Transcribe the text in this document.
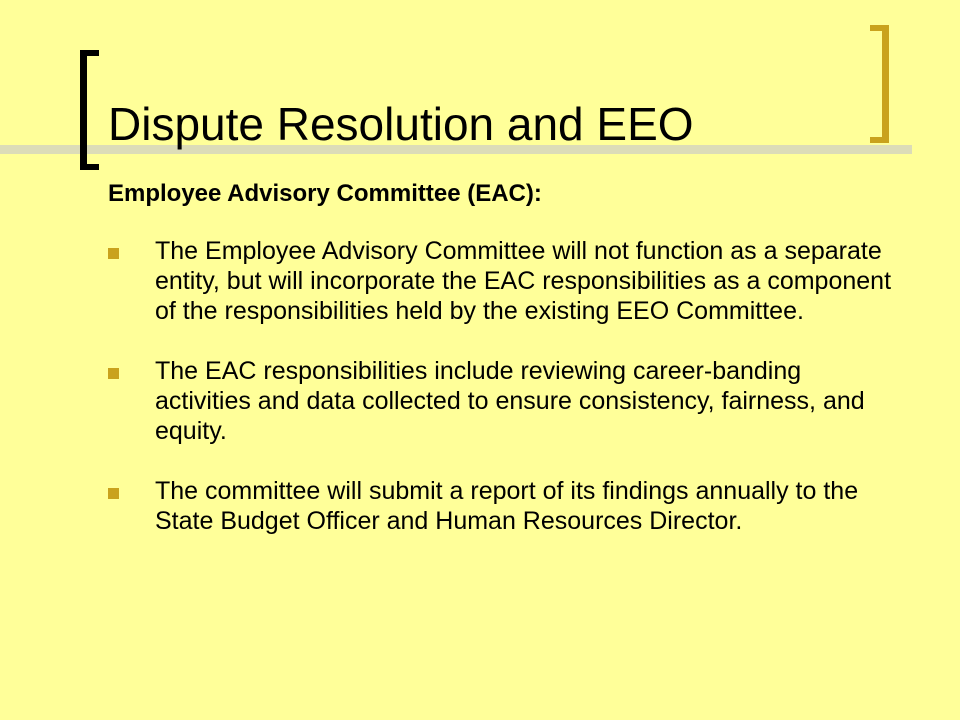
Dispute Resolution and EEO
Employee Advisory Committee (EAC):
The Employee Advisory Committee will not function as a separate entity, but will incorporate the EAC responsibilities as a component of the responsibilities held by the existing EEO Committee.
The EAC responsibilities include reviewing career-banding activities and data collected to ensure consistency, fairness, and equity.
The committee will submit a report of its findings annually to the State Budget Officer and Human Resources Director.
